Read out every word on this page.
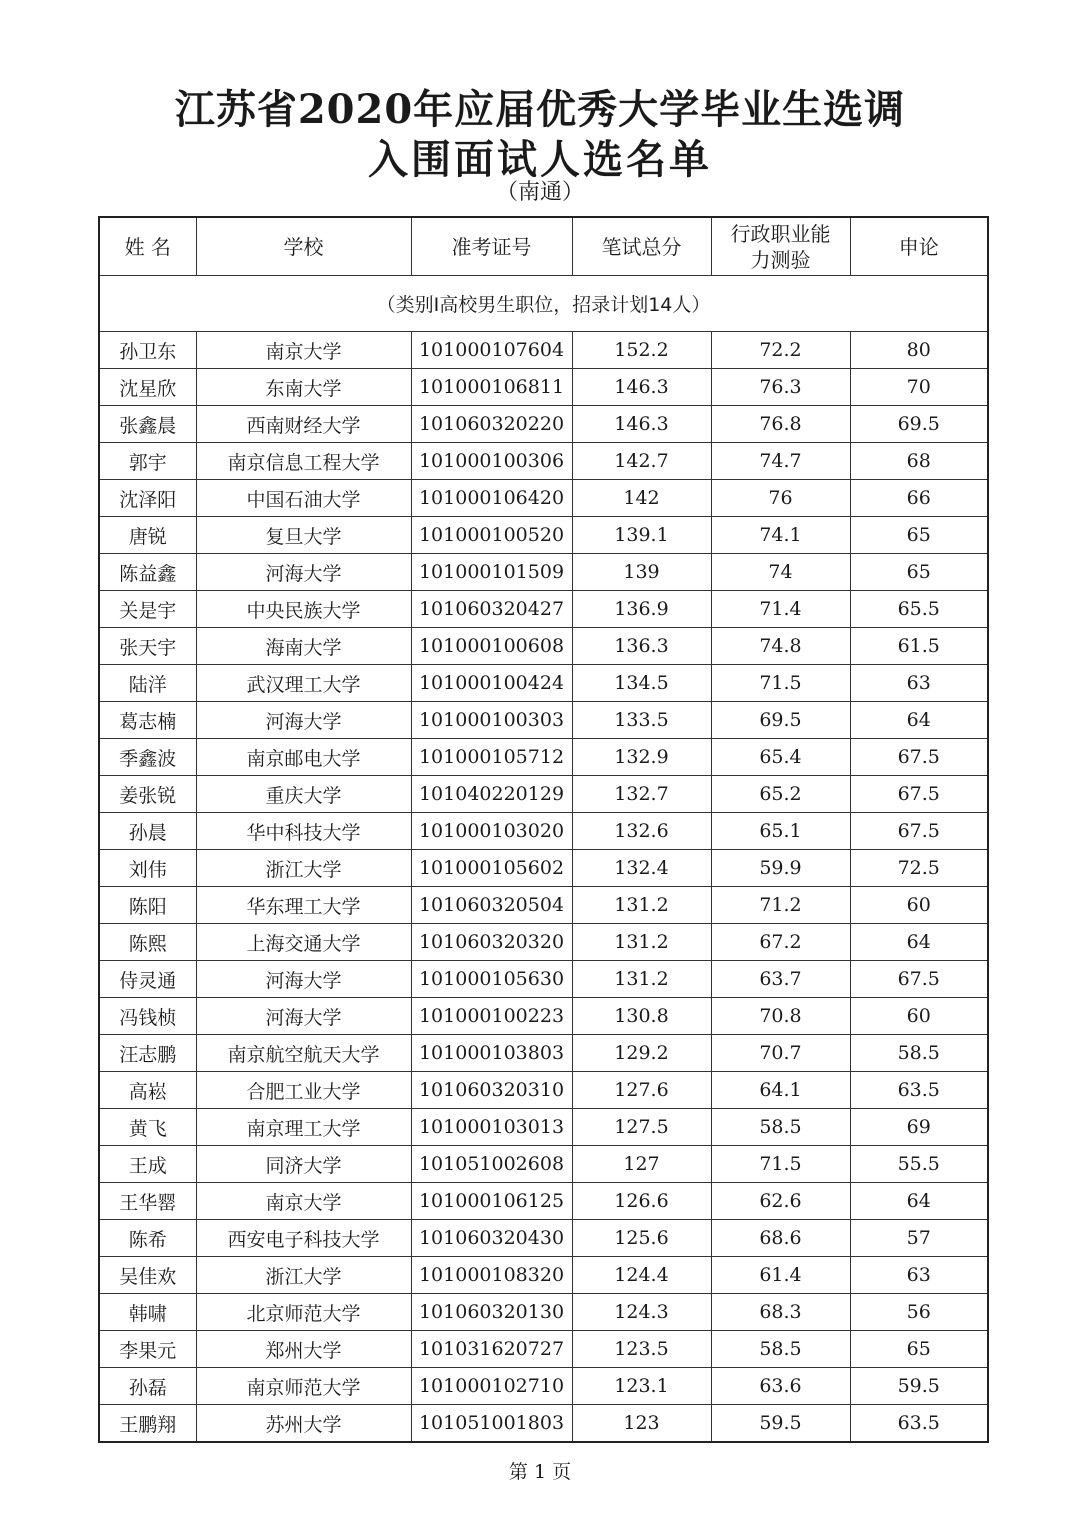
江苏省2020年应届优秀大学毕业生选调
入围面试人选名单
（南通）
姓 名	学校	准考证号	笔试总分	行政职业能力测验	申论
（类别I高校男生职位，招录计划14人）					
孙卫东	南京大学	101000107604	152.2	72.2	80
沈星欣	东南大学	101000106811	146.3	76.3	70
张鑫晨	西南财经大学	101060320220	146.3	76.8	69.5
郭宇	南京信息工程大学	101000100306	142.7	74.7	68
沈泽阳	中国石油大学	101000106420	142	76	66
唐锐	复旦大学	101000100520	139.1	74.1	65
陈益鑫	河海大学	101000101509	139	74	65
关是宇	中央民族大学	101060320427	136.9	71.4	65.5
张天宇	海南大学	101000100608	136.3	74.8	61.5
陆洋	武汉理工大学	101000100424	134.5	71.5	63
葛志楠	河海大学	101000100303	133.5	69.5	64
季鑫波	南京邮电大学	101000105712	132.9	65.4	67.5
姜张锐	重庆大学	101040220129	132.7	65.2	67.5
孙晨	华中科技大学	101000103020	132.6	65.1	67.5
刘伟	浙江大学	101000105602	132.4	59.9	72.5
陈阳	华东理工大学	101060320504	131.2	71.2	60
陈熙	上海交通大学	101060320320	131.2	67.2	64
侍灵通	河海大学	101000105630	131.2	63.7	67.5
冯钱桢	河海大学	101000100223	130.8	70.8	60
汪志鹏	南京航空航天大学	101000103803	129.2	70.7	58.5
高崧	合肥工业大学	101060320310	127.6	64.1	63.5
黄飞	南京理工大学	101000103013	127.5	58.5	69
王成	同济大学	101051002608	127	71.5	55.5
王华罂	南京大学	101000106125	126.6	62.6	64
陈希	西安电子科技大学	101060320430	125.6	68.6	57
吴佳欢	浙江大学	101000108320	124.4	61.4	63
韩啸	北京师范大学	101060320130	124.3	68.3	56
李果元	郑州大学	101031620727	123.5	58.5	65
孙磊	南京师范大学	101000102710	123.1	63.6	59.5
王鹏翔	苏州大学	101051001803	123	59.5	63.5
第 1 页
